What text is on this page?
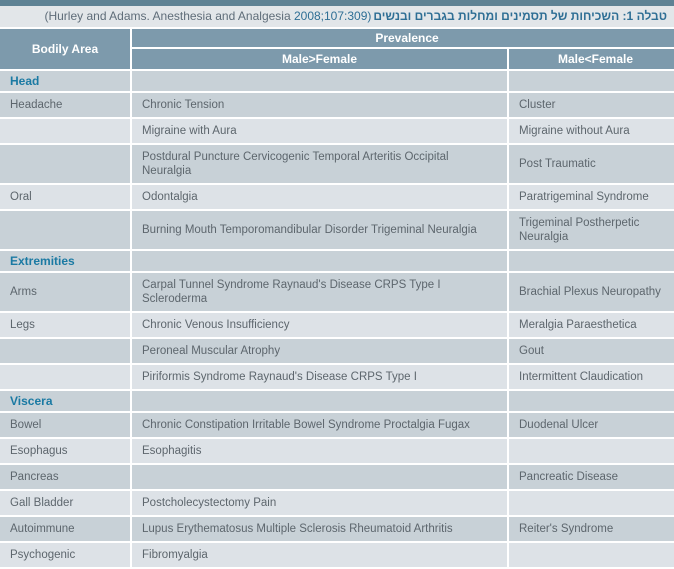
(Hurley and Adams. Anesthesia and Analgesia 2008;107:309) טבלה 1: השכיחות של תסמינים ומחלות בגברים ובנשים
Bodily Area	Prevalence	
	Male>Female	Male<Female
Head		
Headache	Chronic Tension	Cluster
	Migraine with Aura	Migraine without Aura
	Postdural Puncture Cervicogenic Temporal Arteritis Occipital Neuralgia	Post Traumatic
Oral	Odontalgia	Paratrigeminal Syndrome
	Burning Mouth Temporomandibular Disorder Trigeminal Neuralgia	Trigeminal Postherpetic Neuralgia
Extremities		
Arms	Carpal Tunnel Syndrome Raynaud's Disease CRPS Type I Scleroderma	Brachial Plexus Neuropathy
Legs	Chronic Venous Insufficiency	Meralgia Paraesthetica
	Peroneal Muscular Atrophy	Gout
	Piriformis Syndrome Raynaud's Disease CRPS Type I	Intermittent Claudication
Viscera		
Bowel	Chronic Constipation Irritable Bowel Syndrome Proctalgia Fugax	Duodenal Ulcer
Esophagus	Esophagitis	
Pancreas		Pancreatic Disease
Gall Bladder	Postcholecystectomy Pain	
Autoimmune	Lupus Erythematosus Multiple Sclerosis Rheumatoid Arthritis	Reiter's Syndrome
Psychogenic	Fibromyalgia	
